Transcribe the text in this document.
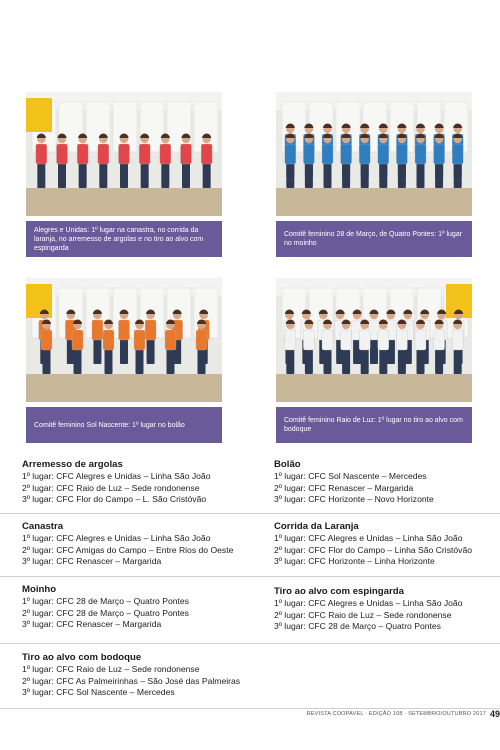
Alegres e Unidas: 1º lugar na canastra, no corrida da laranja, no arremesso de argolas e no tiro ao alvo com espingarda
Comitê feminino 28 de Março, de Quatro Pontes: 1º lugar no moinho
Comitê feminino Sol Nascente: 1º lugar no bolão
Comitê feminino Raio de Luz: 1º lugar no tiro ao alvo com bodoque
Arremesso de argolas
1º lugar: CFC Alegres e Unidas – Linha São João
2º lugar: CFC Raio de Luz – Sede rondonense
3º lugar: CFC Flor do Campo – L. São Cristóvão
Bolão
1º lugar: CFC Sol Nascente – Mercedes
2º lugar: CFC Renascer – Margarida
3º lugar: CFC Horizonte – Novo Horizonte
Canastra
1º lugar: CFC Alegres e Unidas – Linha São João
2º lugar: CFC Amigas do Campo – Entre Rios do Oeste
3º lugar: CFC Renascer – Margarida
Corrida da Laranja
1º lugar: CFC Alegres e Unidas – Linha São João
2º lugar: CFC Flor do Campo – Linha São Cristóvão
3º lugar: CFC Horizonte – Linha Horizonte
Moinho
1º lugar: CFC 28 de Março – Quatro Pontes
2º lugar: CFC 28 de Março – Quatro Pontes
3º lugar: CFC Renascer – Margarida
Tiro ao alvo com espingarda
1º lugar: CFC Alegres e Unidas – Linha São João
2º lugar: CFC Raio de Luz – Sede rondonense
3º lugar: CFC 28 de Março – Quatro Pontes
Tiro ao alvo com bodoque
1º lugar: CFC Raio de Luz – Sede rondonense
2º lugar: CFC As Palmeirinhas – São José das Palmeiras
3º lugar: CFC Sol Nascente – Mercedes
REVISTA COOPAVEL · EDIÇÃO 108 · SETEMBRO/OUTUBRO 2017 49
